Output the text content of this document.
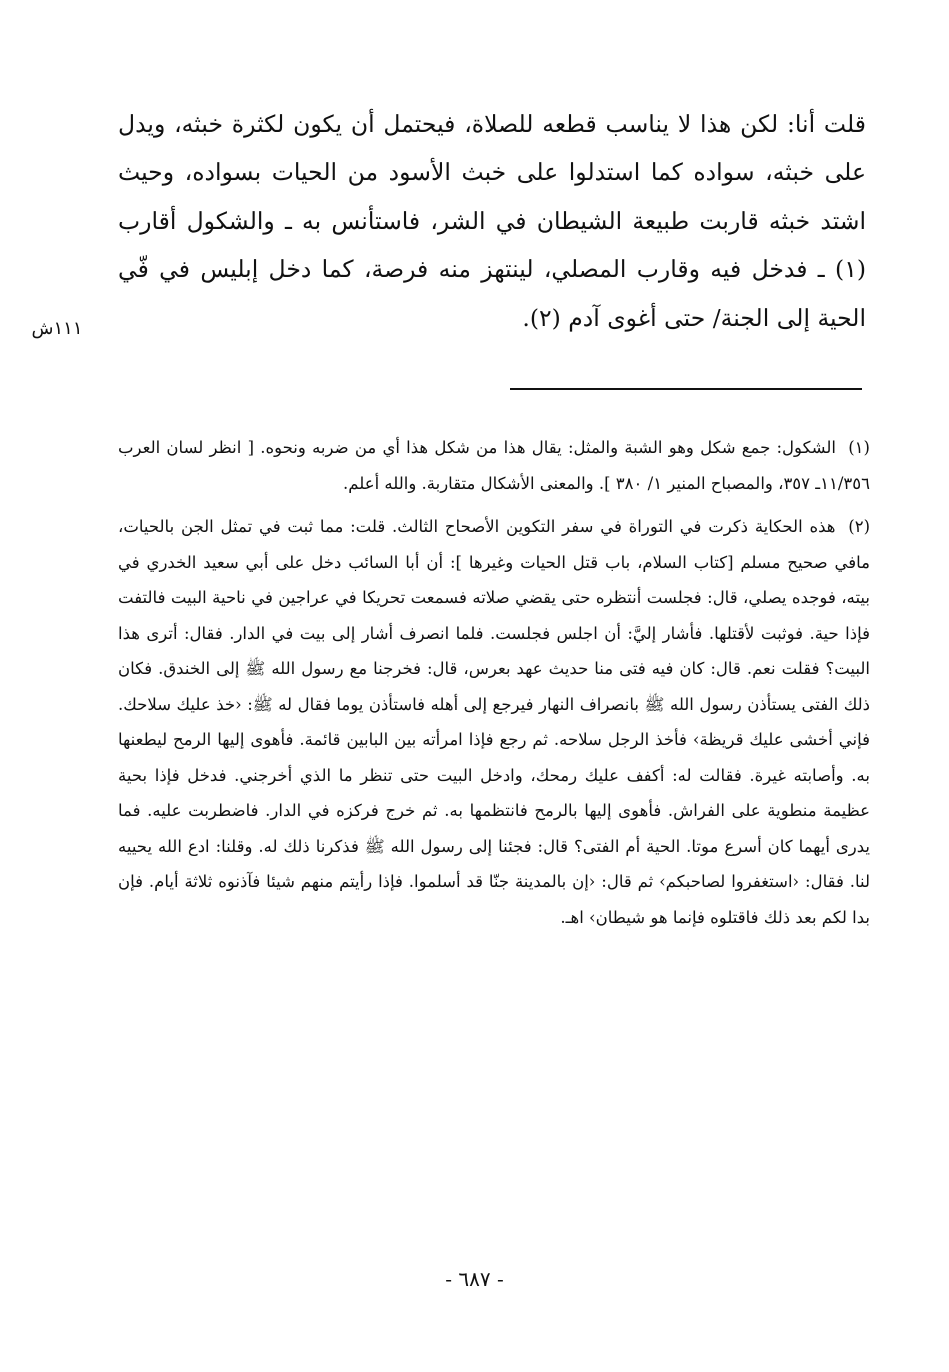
قلت أنا: لكن هذا لا يناسب قطعه للصلاة، فيحتمل أن يكون لكثرة خبثه، ويدل على خبثه، سواده كما استدلوا على خبث الأسود من الحيات بسواده، وحيث اشتد خبثه قاربت طبيعة الشيطان في الشر، فاستأنس به ـ والشكول أقارب (١) ـ فدخل فيه وقارب المصلي، لينتهز منه فرصة، كما دخل إبليس في فّي الحية إلى الجنة/ حتى أغوى آدم (٢).

١١١ش

(١) الشكول: جمع شكل وهو الشبة والمثل: يقال هذا من شكل هذا أي من ضربه ونحوه. [ انظر لسان العرب ١١/٣٥٦ـ ٣٥٧، والمصباح المنير ١/ ٣٨٠ ]. والمعنى الأشكال متقاربة. والله أعلم.

(٢) هذه الحكاية ذكرت في التوراة في سفر التكوين الأصحاح الثالث. قلت: مما ثبت في تمثل الجن بالحيات، مافي صحيح مسلم [كتاب السلام، باب قتل الحيات وغيرها ]: أن أبا السائب دخل على أبي سعيد الخدري في بيته، فوجده يصلي، قال: فجلست أنتظره حتى يقضي صلاته فسمعت تحريكا في عراجين في ناحية البيت فالتفت فإذا حية. فوثبت لأقتلها. فأشار إليَّ: أن اجلس فجلست. فلما انصرف أشار إلى بيت في الدار. فقال: أترى هذا البيت؟ فقلت نعم. قال: كان فيه فتى منا حديث عهد بعرس، قال: فخرجنا مع رسول الله ﷺ إلى الخندق. فكان ذلك الفتى يستأذن رسول الله ﷺ بانصراف النهار فيرجع إلى أهله فاستأذن يوما فقال له ﷺ: ‹خذ عليك سلاحك. فإني أخشى عليك قريظة› فأخذ الرجل سلاحه. ثم رجع فإذا امرأته بين البابين قائمة. فأهوى إليها الرمح ليطعنها به. وأصابته غيرة. فقالت له: أكفف عليك رمحك، وادخل البيت حتى تنظر ما الذي أخرجني. فدخل فإذا بحية عظيمة منطوية على الفراش. فأهوى إليها بالرمح فانتظمها به. ثم خرج فركزه في الدار. فاضطربت عليه. فما يدرى أيهما كان أسرع موتا. الحية أم الفتى؟ قال: فجئنا إلى رسول الله ﷺ فذكرنا ذلك له. وقلنا: ادع الله يحييه لنا. فقال: ‹استغفروا لصاحبكم› ثم قال: ‹إن بالمدينة جنّا قد أسلموا. فإذا رأيتم منهم شيئا فآذنوه ثلاثة أيام. فإن بدا لكم بعد ذلك فاقتلوه فإنما هو شيطان› اهـ.

- ٦٨٧ -
